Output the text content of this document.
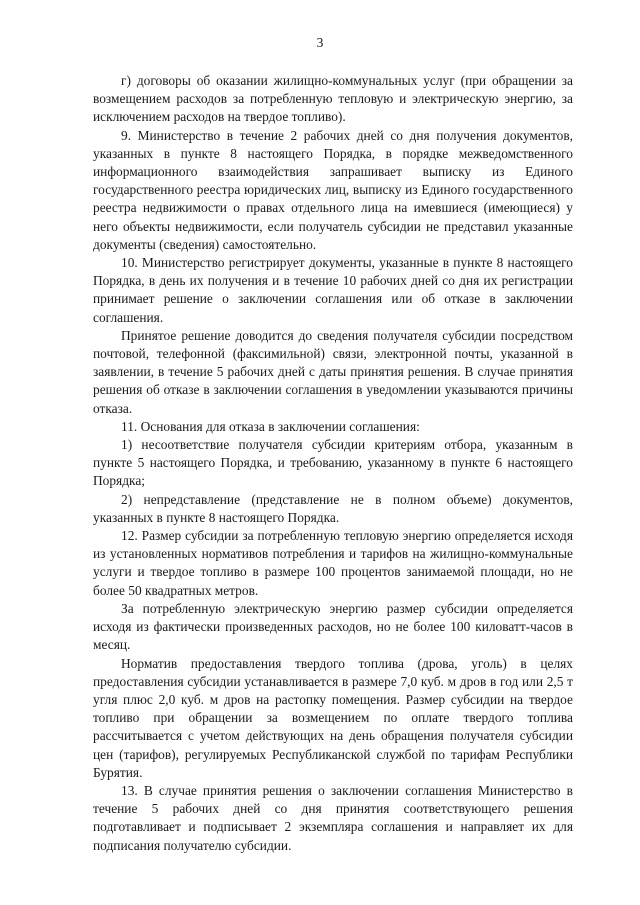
3

г) договоры об оказании жилищно-коммунальных услуг (при обращении за возмещением расходов за потребленную тепловую и электрическую энергию, за исключением расходов на твердое топливо).

9. Министерство в течение 2 рабочих дней со дня получения документов, указанных в пункте 8 настоящего Порядка, в порядке межведомственного информационного взаимодействия запрашивает выписку из Единого государственного реестра юридических лиц, выписку из Единого государственного реестра недвижимости о правах отдельного лица на имевшиеся (имеющиеся) у него объекты недвижимости, если получатель субсидии не представил указанные документы (сведения) самостоятельно.

10. Министерство регистрирует документы, указанные в пункте 8 настоящего Порядка, в день их получения и в течение 10 рабочих дней со дня их регистрации принимает решение о заключении соглашения или об отказе в заключении соглашения.

Принятое решение доводится до сведения получателя субсидии посредством почтовой, телефонной (факсимильной) связи, электронной почты, указанной в заявлении, в течение 5 рабочих дней с даты принятия решения. В случае принятия решения об отказе в заключении соглашения в уведомлении указываются причины отказа.

11. Основания для отказа в заключении соглашения:

1) несоответствие получателя субсидии критериям отбора, указанным в пункте 5 настоящего Порядка, и требованию, указанному в пункте 6 настоящего Порядка;

2) непредставление (представление не в полном объеме) документов, указанных в пункте 8 настоящего Порядка.

12. Размер субсидии за потребленную тепловую энергию определяется исходя из установленных нормативов потребления и тарифов на жилищно-коммунальные услуги и твердое топливо в размере 100 процентов занимаемой площади, но не более 50 квадратных метров.

За потребленную электрическую энергию размер субсидии определяется исходя из фактически произведенных расходов, но не более 100 киловатт-часов в месяц.

Норматив предоставления твердого топлива (дрова, уголь) в целях предоставления субсидии устанавливается в размере 7,0 куб. м дров в год или 2,5 т угля плюс 2,0 куб. м дров на растопку помещения. Размер субсидии на твердое топливо при обращении за возмещением по оплате твердого топлива рассчитывается с учетом действующих на день обращения получателя субсидии цен (тарифов), регулируемых Республиканской службой по тарифам Республики Бурятия.

13. В случае принятия решения о заключении соглашения Министерство в течение 5 рабочих дней со дня принятия соответствующего решения подготавливает и подписывает 2 экземпляра соглашения и направляет их для подписания получателю субсидии.
